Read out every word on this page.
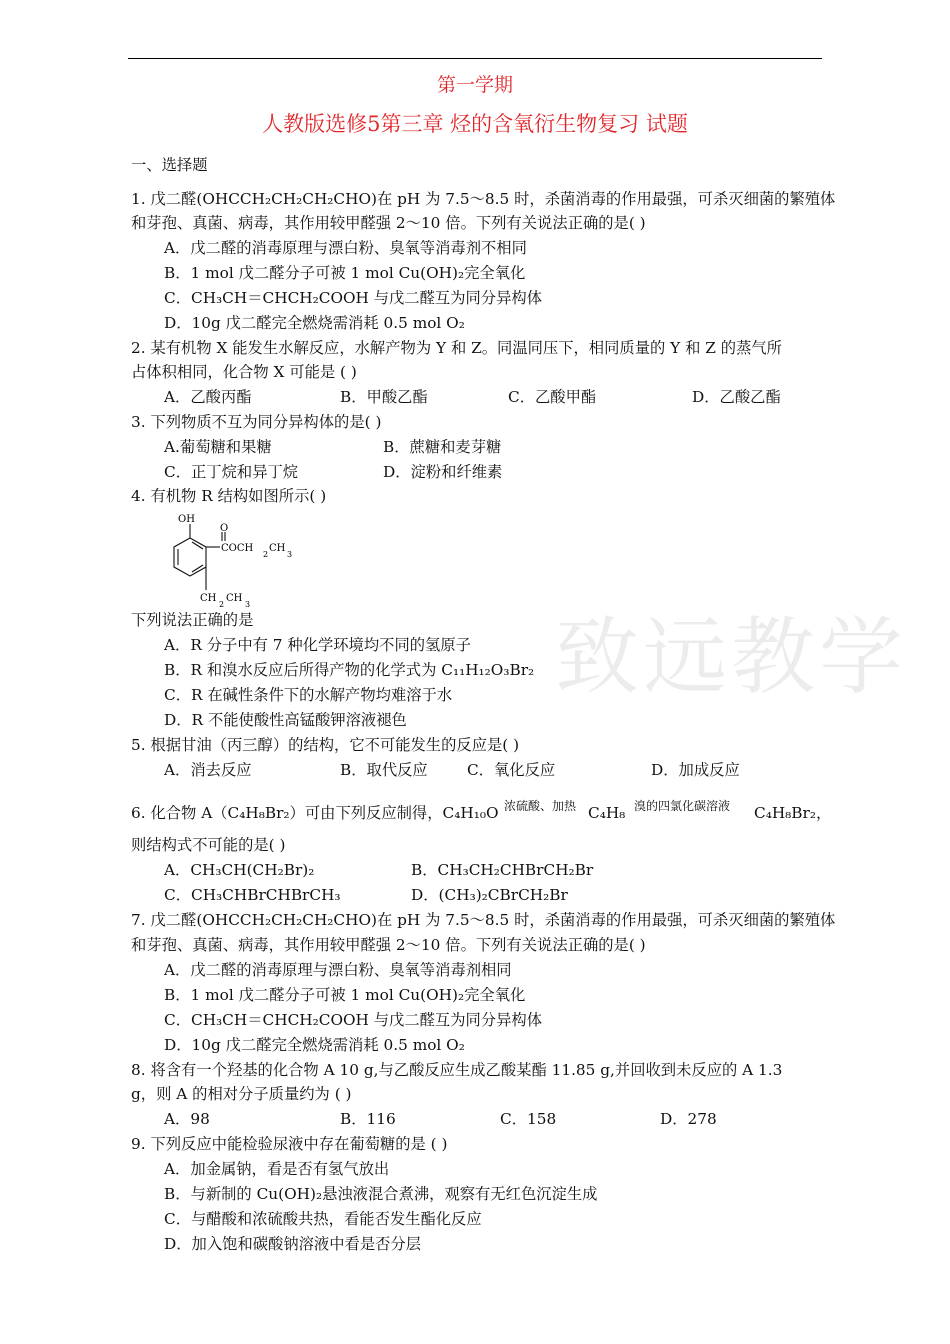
第一学期
人教版选修5第三章 烃的含氧衍生物复习 试题
一、选择题
1. 戊二醛(OHCCH₂CH₂CH₂CHO)在 pH 为 7.5～8.5 时，杀菌消毒的作用最强，可杀灭细菌的繁殖体
和芽孢、真菌、病毒，其作用较甲醛强 2～10 倍。下列有关说法正确的是( )
A．戊二醛的消毒原理与漂白粉、臭氧等消毒剂不相同
B．1 mol 戊二醛分子可被 1 mol Cu(OH)₂完全氧化
C．CH₃CH＝CHCH₂COOH 与戊二醛互为同分异构体
D．10g 戊二醛完全燃烧需消耗 0.5 mol O₂
2. 某有机物 X 能发生水解反应，水解产物为 Y 和 Z。同温同压下，相同质量的 Y 和 Z 的蒸气所
占体积相同，化合物 X 可能是 ( )
A．乙酸丙酯	B．甲酸乙酯	C．乙酸甲酯	D．乙酸乙酯
3. 下列物质不互为同分异构体的是( )
A.葡萄糖和果糖	B．蔗糖和麦芽糖
C．正丁烷和异丁烷	D．淀粉和纤维素
4. 有机物 R 结构如图所示( )
OH
O
COCH
2
CH
3
CH
2
CH
3
下列说法正确的是
A．R 分子中有 7 种化学环境均不同的氢原子
B．R 和溴水反应后所得产物的化学式为 C₁₁H₁₂O₃Br₂
C．R 在碱性条件下的水解产物均难溶于水
D．R 不能使酸性高锰酸钾溶液褪色
5. 根据甘油（丙三醇）的结构，它不可能发生的反应是( )
A．消去反应	B．取代反应	C．氧化反应	D．加成反应
6. 化合物 A（C₄H₈Br₂）可由下列反应制得，C₄H₁₀O 浓硫酸、加热 C₄H₈ 溴的四氯化碳溶液 C₄H₈Br₂，
则结构式不可能的是( )
A．CH₃CH(CH₂Br)₂	B．CH₃CH₂CHBrCH₂Br
C．CH₃CHBrCHBrCH₃	D．(CH₃)₂CBrCH₂Br
7. 戊二醛(OHCCH₂CH₂CH₂CHO)在 pH 为 7.5～8.5 时，杀菌消毒的作用最强，可杀灭细菌的繁殖体
和芽孢、真菌、病毒，其作用较甲醛强 2～10 倍。下列有关说法正确的是( )
A．戊二醛的消毒原理与漂白粉、臭氧等消毒剂相同
B．1 mol 戊二醛分子可被 1 mol Cu(OH)₂完全氧化
C．CH₃CH＝CHCH₂COOH 与戊二醛互为同分异构体
D．10g 戊二醛完全燃烧需消耗 0.5 mol O₂
8. 将含有一个羟基的化合物 A 10 g,与乙酸反应生成乙酸某酯 11.85 g,并回收到未反应的 A 1.3
g，则 A 的相对分子质量约为 ( )
A．98	B．116	C．158	D．278
9. 下列反应中能检验尿液中存在葡萄糖的是 ( )
A．加金属钠，看是否有氢气放出
B．与新制的 Cu(OH)₂悬浊液混合煮沸，观察有无红色沉淀生成
C．与醋酸和浓硫酸共热，看能否发生酯化反应
D．加入饱和碳酸钠溶液中看是否分层
致远教学
